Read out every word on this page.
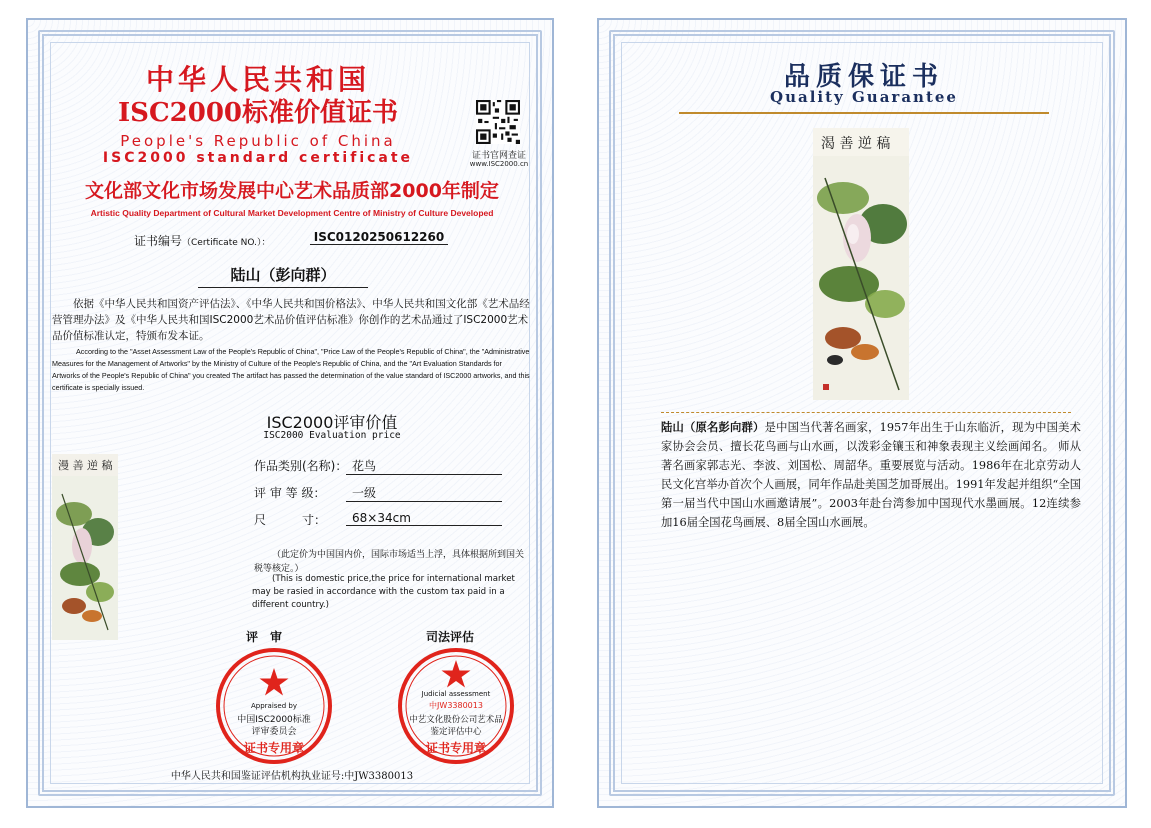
中华人民共和国
ISC2000标准价值证书
People's Republic of China
ISC2000 standard certificate	证书官网查证
www.ISC2000.cn
文化部文化市场发展中心艺术品质部2000年制定
Artistic Quality Department of Cultural Market Development Centre of Ministry of Culture Developed
证书编号（Certificate NO.）：	ISC0120250612260
陆山（彭向群）
依据《中华人民共和国资产评估法》、《中华人民共和国价格法》、中华人民共和国文化部《艺术品经营管理办法》及《中华人民共和国ISC2000艺术品价值评估标准》你创作的艺术品通过了ISC2000艺术品价值标准认定，特颁布发本证。
According to the "Asset Assessment Law of the People's Republic of China", "Price Law of the People's Republic of China", the "Administrative Measures for the Management of Artworks" by the Ministry of Culture of the People's Republic of China, and the "Art Evaluation Standards for Artworks of the People's Republic of China" you created The artifact has passed the determination of the value standard of ISC2000 artworks, and this certificate is specially issued.
ISC2000评审价值
ISC2000 Evaluation price
漫 善 逆 稿	作品类别(名称)： 花鸟
评 审 等 级：	一级
尺　　　寸：	68×34cm
（此定价为中国国内价，国际市场适当上浮，具体根据所到国关税等核定。）
(This is domestic price,the price for international market may be rasied in accordance with the custom tax paid in a different country.)
评　审
Appraised by
中国ISC2000标准
评审委员会
证书专用章
司法评估
Judicial assessment
中JW3380013
中艺文化股份公司艺术品
鉴定评估中心
证书专用章
中华人民共和国鉴证评估机构执业证号:中JW3380013
品质保证书
Quality Guarantee
渴 善 逆 稿
陆山（原名彭向群）是中国当代著名画家，1957年出生于山东临沂，现为中国美术家协会会员、擅长花鸟画与山水画，以泼彩金镶玉和神象表现主义绘画闻名。 师从著名画家郭志光、李波、刘国松、周韶华。重要展览与活动。1986年在北京劳动人民文化宫举办首次个人画展，同年作品赴美国芝加哥展出。1991年发起并组织“全国第一届当代中国山水画邀请展”。2003年赴台湾参加中国现代水墨画展。12连续参加16届全国花鸟画展、8届全国山水画展。
